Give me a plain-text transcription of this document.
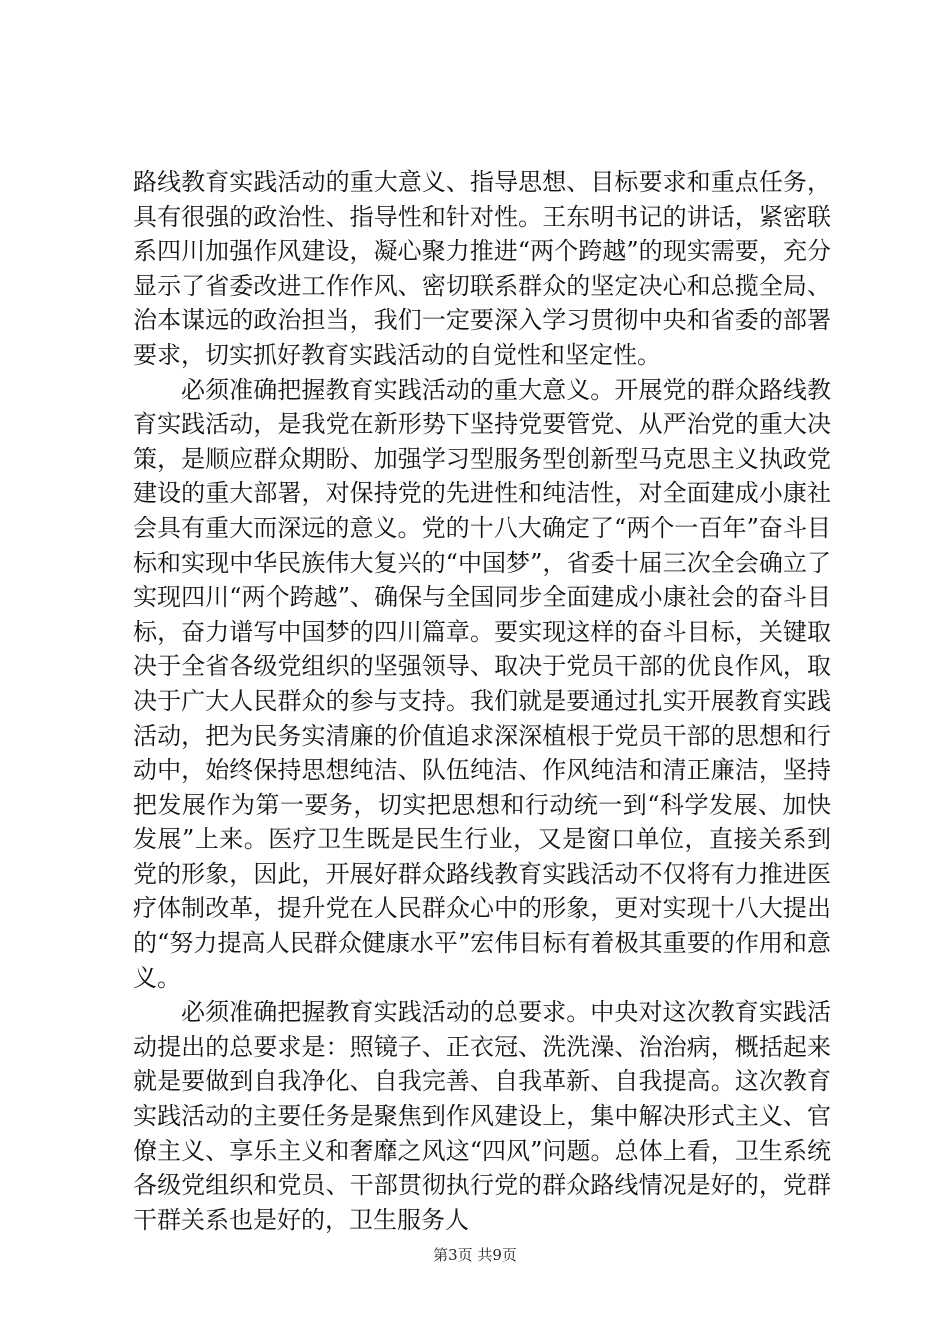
路线教育实践活动的重大意义、指导思想、目标要求和重点任务，具有很强的政治性、指导性和针对性。王东明书记的讲话，紧密联系四川加强作风建设，凝心聚力推进“两个跨越”的现实需要，充分显示了省委改进工作作风、密切联系群众的坚定决心和总揽全局、治本谋远的政治担当，我们一定要深入学习贯彻中央和省委的部署要求，切实抓好教育实践活动的自觉性和坚定性。

必须准确把握教育实践活动的重大意义。开展党的群众路线教育实践活动，是我党在新形势下坚持党要管党、从严治党的重大决策，是顺应群众期盼、加强学习型服务型创新型马克思主义执政党建设的重大部署，对保持党的先进性和纯洁性，对全面建成小康社会具有重大而深远的意义。党的十八大确定了“两个一百年”奋斗目标和实现中华民族伟大复兴的“中国梦”，省委十届三次全会确立了实现四川“两个跨越”、确保与全国同步全面建成小康社会的奋斗目标，奋力谱写中国梦的四川篇章。要实现这样的奋斗目标，关键取决于全省各级党组织的坚强领导、取决于党员干部的优良作风，取决于广大人民群众的参与支持。我们就是要通过扎实开展教育实践活动，把为民务实清廉的价值追求深深植根于党员干部的思想和行动中，始终保持思想纯洁、队伍纯洁、作风纯洁和清正廉洁，坚持把发展作为第一要务，切实把思想和行动统一到“科学发展、加快发展”上来。医疗卫生既是民生行业，又是窗口单位，直接关系到党的形象，因此，开展好群众路线教育实践活动不仅将有力推进医疗体制改革，提升党在人民群众心中的形象，更对实现十八大提出的“努力提高人民群众健康水平”宏伟目标有着极其重要的作用和意义。

必须准确把握教育实践活动的总要求。中央对这次教育实践活动提出的总要求是：照镜子、正衣冠、洗洗澡、治治病，概括起来就是要做到自我净化、自我完善、自我革新、自我提高。这次教育实践活动的主要任务是聚焦到作风建设上，集中解决形式主义、官僚主义、享乐主义和奢靡之风这“四风”问题。总体上看，卫生系统各级党组织和党员、干部贯彻执行党的群众路线情况是好的，党群干群关系也是好的，卫生服务人

第3页 共9页
